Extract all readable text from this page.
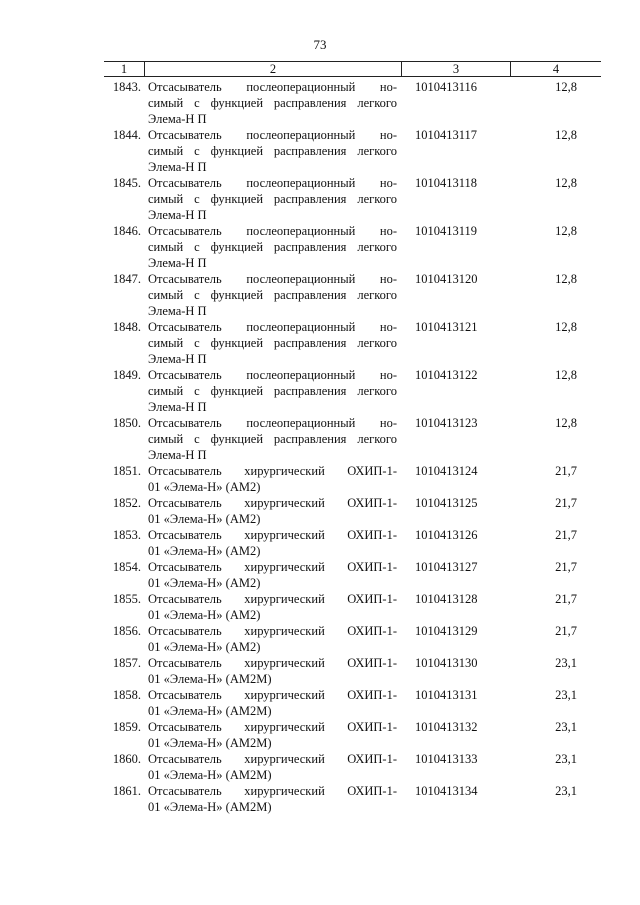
73
1	2	3	4
1843. Отсасыватель послеоперационный но-
симый с функцией расправления легкого
Элема-Н П
1010413116	12,8
1844. Отсасыватель послеоперационный но-
симый с функцией расправления легкого
Элема-Н П
1010413117	12,8
1845. Отсасыватель послеоперационный но-
симый с функцией расправления легкого
Элема-Н П
1010413118	12,8
1846. Отсасыватель послеоперационный но-
симый с функцией расправления легкого
Элема-Н П
1010413119	12,8
1847. Отсасыватель послеоперационный но-
симый с функцией расправления легкого
Элема-Н П
1010413120	12,8
1848. Отсасыватель послеоперационный но-
симый с функцией расправления легкого
Элема-Н П
1010413121	12,8
1849. Отсасыватель послеоперационный но-
симый с функцией расправления легкого
Элема-Н П
1010413122	12,8
1850. Отсасыватель послеоперационный но-
симый с функцией расправления легкого
Элема-Н П
1010413123	12,8
1851. Отсасыватель хирургический ОХИП-1-
01 «Элема-Н» (АМ2)
1010413124	21,7
1852. Отсасыватель хирургический ОХИП-1-
01 «Элема-Н» (АМ2)
1010413125	21,7
1853. Отсасыватель хирургический ОХИП-1-
01 «Элема-Н» (АМ2)
1010413126	21,7
1854. Отсасыватель хирургический ОХИП-1-
01 «Элема-Н» (АМ2)
1010413127	21,7
1855. Отсасыватель хирургический ОХИП-1-
01 «Элема-Н» (АМ2)
1010413128	21,7
1856. Отсасыватель хирургический ОХИП-1-
01 «Элема-Н» (АМ2)
1010413129	21,7
1857. Отсасыватель хирургический ОХИП-1-
01 «Элема-Н» (АМ2М)
1010413130	23,1
1858. Отсасыватель хирургический ОХИП-1-
01 «Элема-Н» (АМ2М)
1010413131	23,1
1859. Отсасыватель хирургический ОХИП-1-
01 «Элема-Н» (АМ2М)
1010413132	23,1
1860. Отсасыватель хирургический ОХИП-1-
01 «Элема-Н» (АМ2М)
1010413133	23,1
1861. Отсасыватель хирургический ОХИП-1-
01 «Элема-Н» (АМ2М)
1010413134	23,1
